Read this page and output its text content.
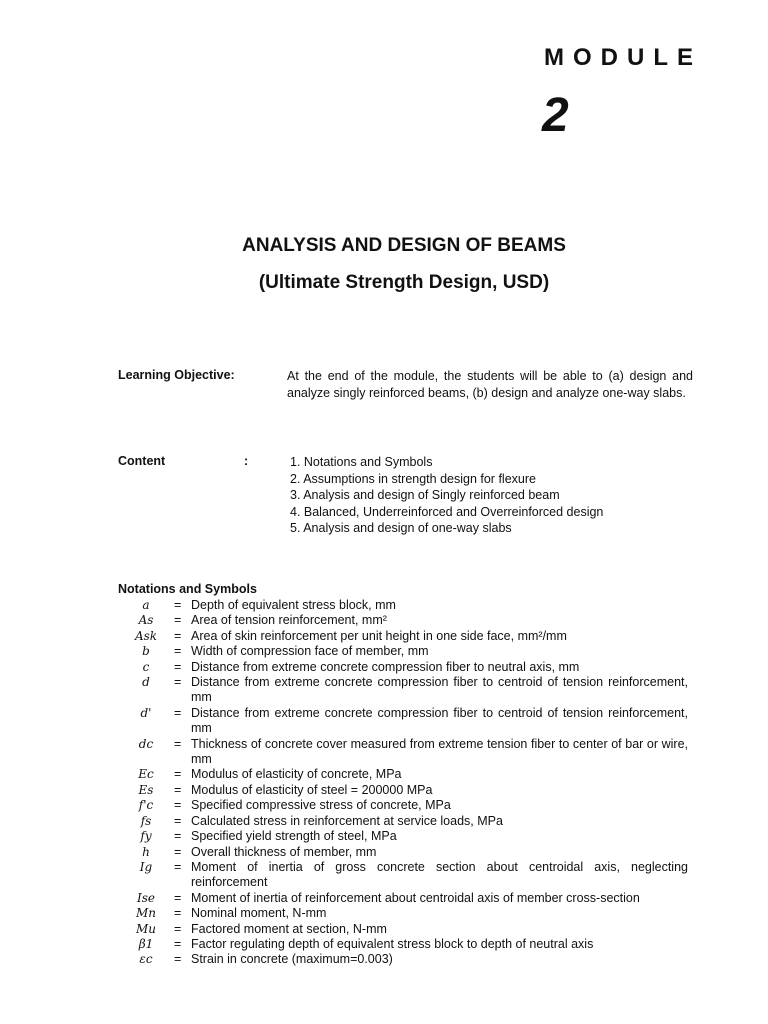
MODULE
2
ANALYSIS AND DESIGN OF BEAMS
(Ultimate Strength Design, USD)
Learning Objective:	At the end of the module, the students will be able to (a) design and analyze singly reinforced beams, (b) design and analyze one-way slabs.
Content	:	1. Notations and Symbols
2. Assumptions in strength design for flexure
3. Analysis and design of Singly reinforced beam
4. Balanced, Underreinforced and Overreinforced design
5. Analysis and design of one-way slabs
Notations and Symbols
a	= Depth of equivalent stress block, mm
As	= Area of tension reinforcement, mm²
Ask	= Area of skin reinforcement per unit height in one side face, mm²/mm
b	= Width of compression face of member, mm
c	= Distance from extreme concrete compression fiber to neutral axis, mm
d	= Distance from extreme concrete compression fiber to centroid of tension reinforcement, mm
d'	= Distance from extreme concrete compression fiber to centroid of tension reinforcement, mm
dc	= Thickness of concrete cover measured from extreme tension fiber to center of bar or wire, mm
Ec	= Modulus of elasticity of concrete, MPa
Es	= Modulus of elasticity of steel = 200000 MPa
f'c	= Specified compressive stress of concrete, MPa
fs	= Calculated stress in reinforcement at service loads, MPa
fy	= Specified yield strength of steel, MPa
h	= Overall thickness of member, mm
Ig	= Moment of inertia of gross concrete section about centroidal axis, neglecting reinforcement
Ise	= Moment of inertia of reinforcement about centroidal axis of member cross-section
Mn	= Nominal moment, N-mm
Mu	= Factored moment at section, N-mm
β1	= Factor regulating depth of equivalent stress block to depth of neutral axis
εc	= Strain in concrete (maximum=0.003)
